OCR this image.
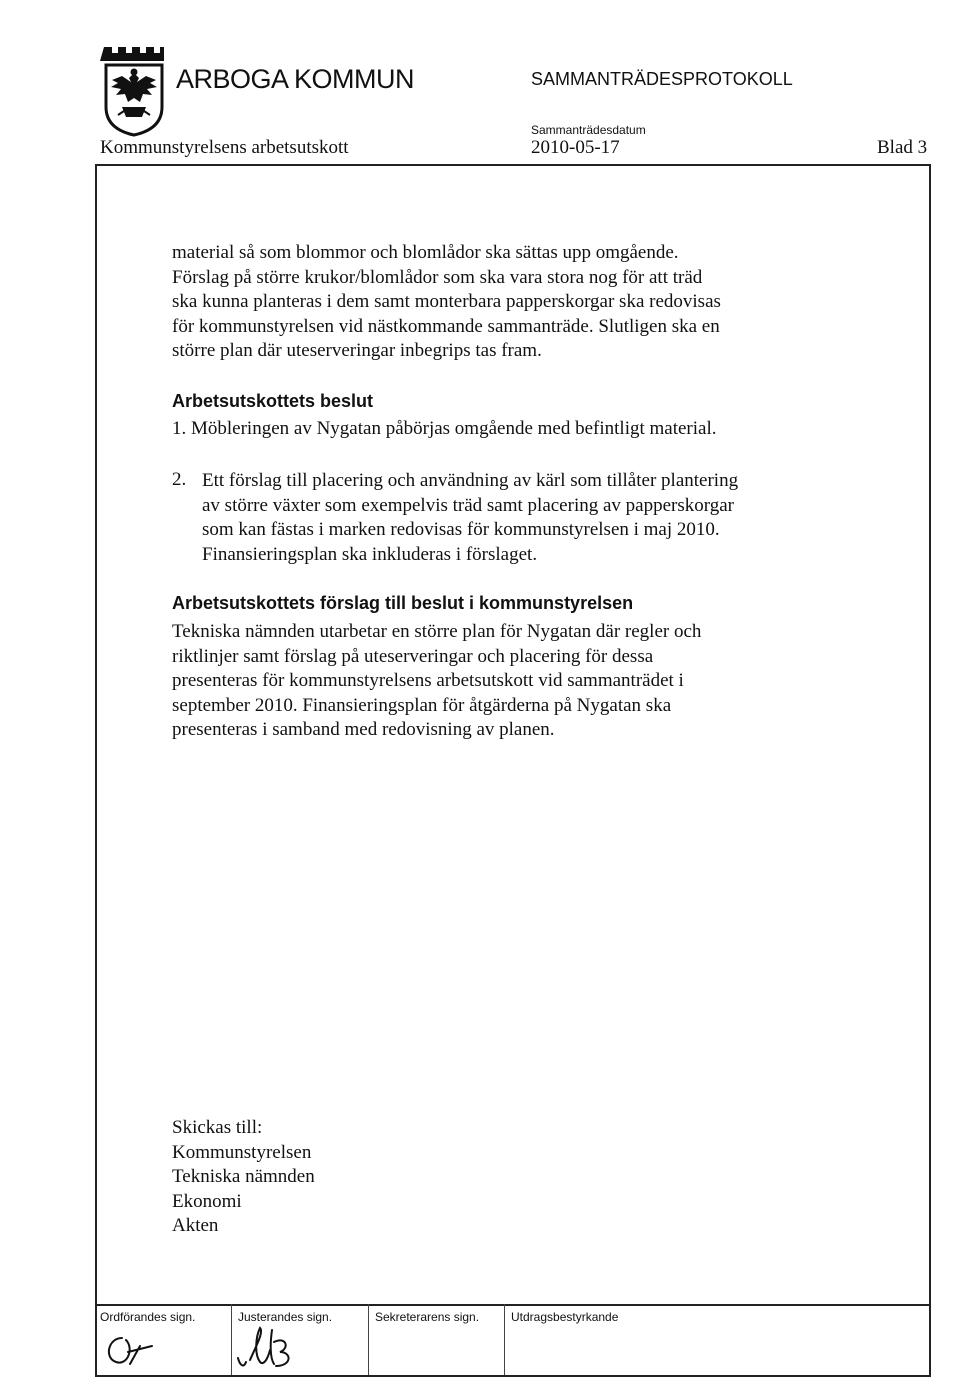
ARBOGA KOMMUN	SAMMANTRÄDESPROTOKOLL
Sammanträdesdatum
Kommunstyrelsens arbetsutskott	2010-05-17	Blad 3
material så som blommor och blomlådor ska sättas upp omgående.
Förslag på större krukor/blomlådor som ska vara stora nog för att träd
ska kunna planteras i dem samt monterbara papperskorgar ska redovisas
för kommunstyrelsen vid nästkommande sammanträde. Slutligen ska en
större plan där uteserveringar inbegrips tas fram.
Arbetsutskottets beslut
1. Möbleringen av Nygatan påbörjas omgående med befintligt material.
2. Ett förslag till placering och användning av kärl som tillåter plantering
av större växter som exempelvis träd samt placering av papperskorgar
som kan fästas i marken redovisas för kommunstyrelsen i maj 2010.
Finansieringsplan ska inkluderas i förslaget.
Arbetsutskottets förslag till beslut i kommunstyrelsen
Tekniska nämnden utarbetar en större plan för Nygatan där regler och
riktlinjer samt förslag på uteserveringar och placering för dessa
presenteras för kommunstyrelsens arbetsutskott vid sammanträdet i
september 2010. Finansieringsplan för åtgärderna på Nygatan ska
presenteras i samband med redovisning av planen.
Skickas till:
Kommunstyrelsen
Tekniska nämnden
Ekonomi
Akten
Ordförandes sign.	Justerandes sign.	Sekreterarens sign.	Utdragsbestyrkande
